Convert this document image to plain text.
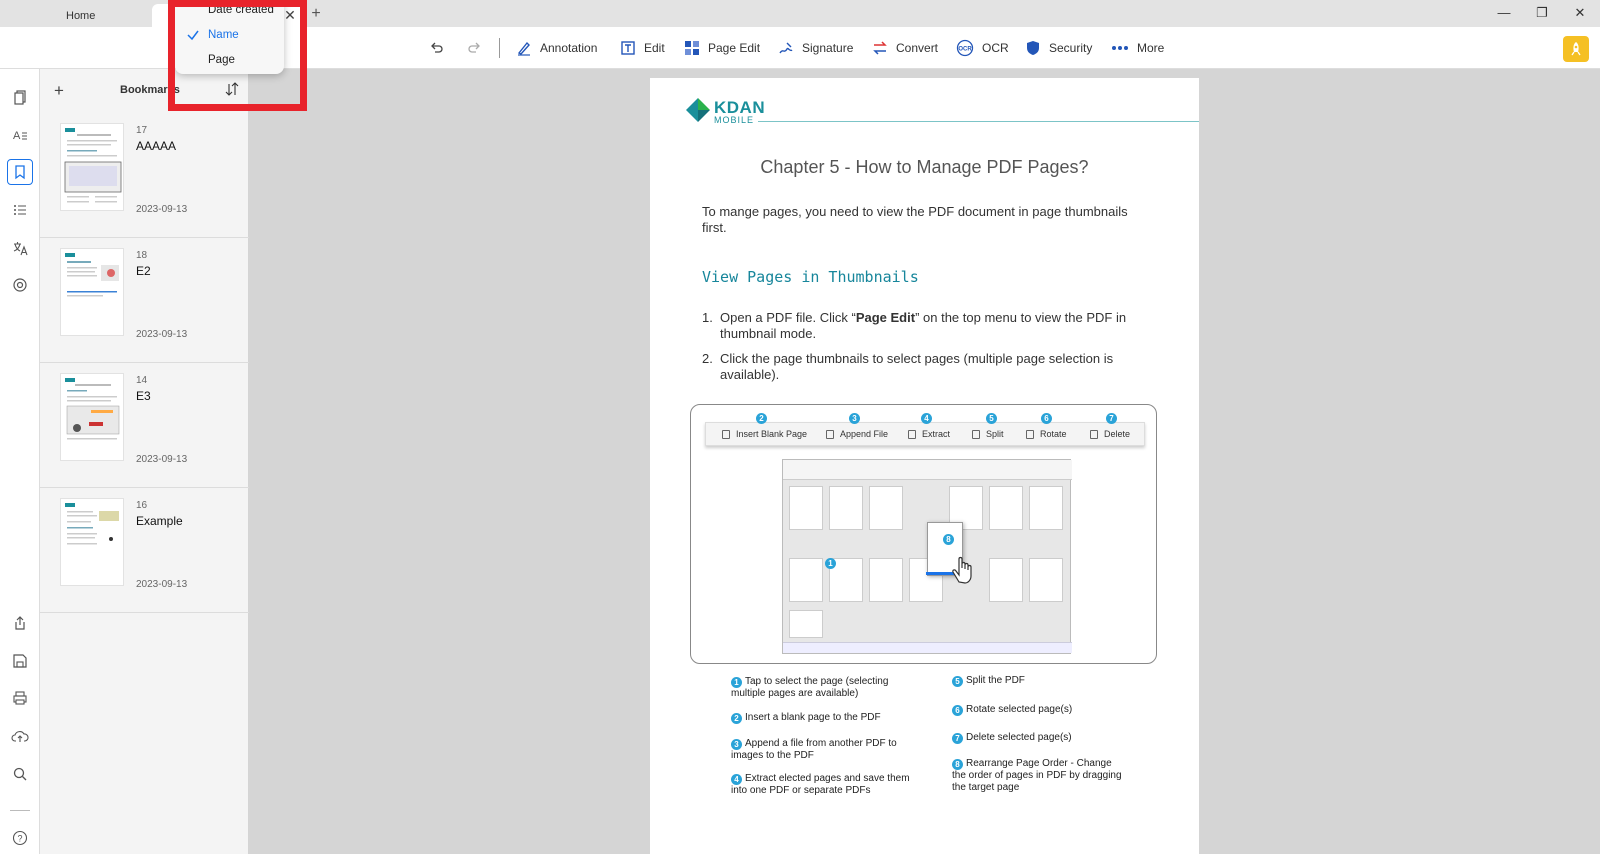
Home	✕ +	—	❐	✕
Annotation	Edit	Page Edit	Signature	Convert	OCR OCR	Security	More
A
?
+	Bookmarks
17
AAAAA
2023-09-13
18
E2
2023-09-13
14
E3
2023-09-13
16
Example
2023-09-13
Date created
Name
Page
KDAN
MOBILE
Chapter 5 - How to Manage PDF Pages?
To mange pages, you need to view the PDF document in page thumbnails first.
View Pages in Thumbnails
1. Open a PDF file. Click “Page Edit” on the top menu to view the PDF in thumbnail mode.
2. Click the page thumbnails to select pages (multiple page selection is available).
Insert Blank Page	Append File	Extract	Split	Rotate	Delete
2	3	4	5	6	7
1
8
1 Tap to select the page (selecting multiple pages are available)
2 Insert a blank page to the PDF
3 Append a file from another PDF to images to the PDF
4 Extract elected pages and save them into one PDF or separate PDFs
5 Split the PDF
6 Rotate selected page(s)
7 Delete selected page(s)
8 Rearrange Page Order - Change the order of pages in PDF by dragging the target page
